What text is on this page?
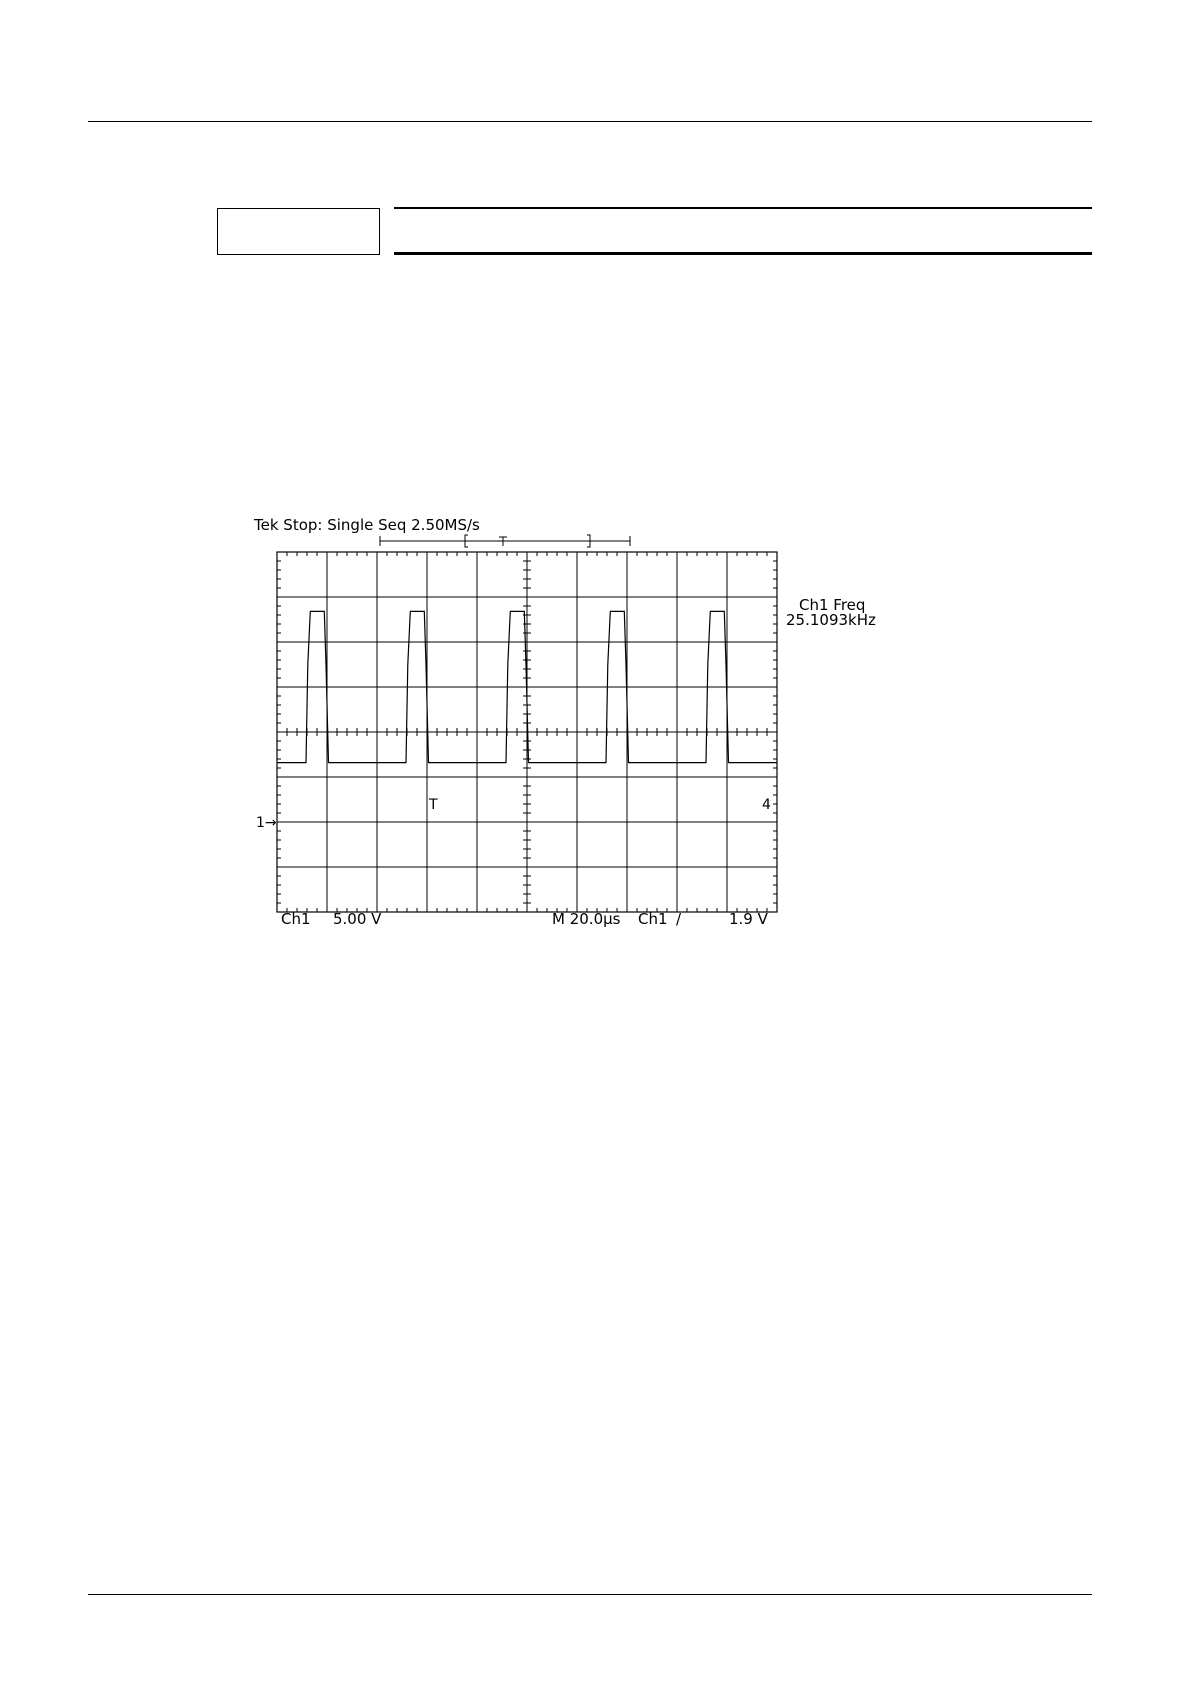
Tek Stop: Single Seq 2.50MS/s
Ch1 Freq
25.1093kHz
1→
T	4
Ch1 5.00 V	M 20.0µs Ch1 /	1.9 V
